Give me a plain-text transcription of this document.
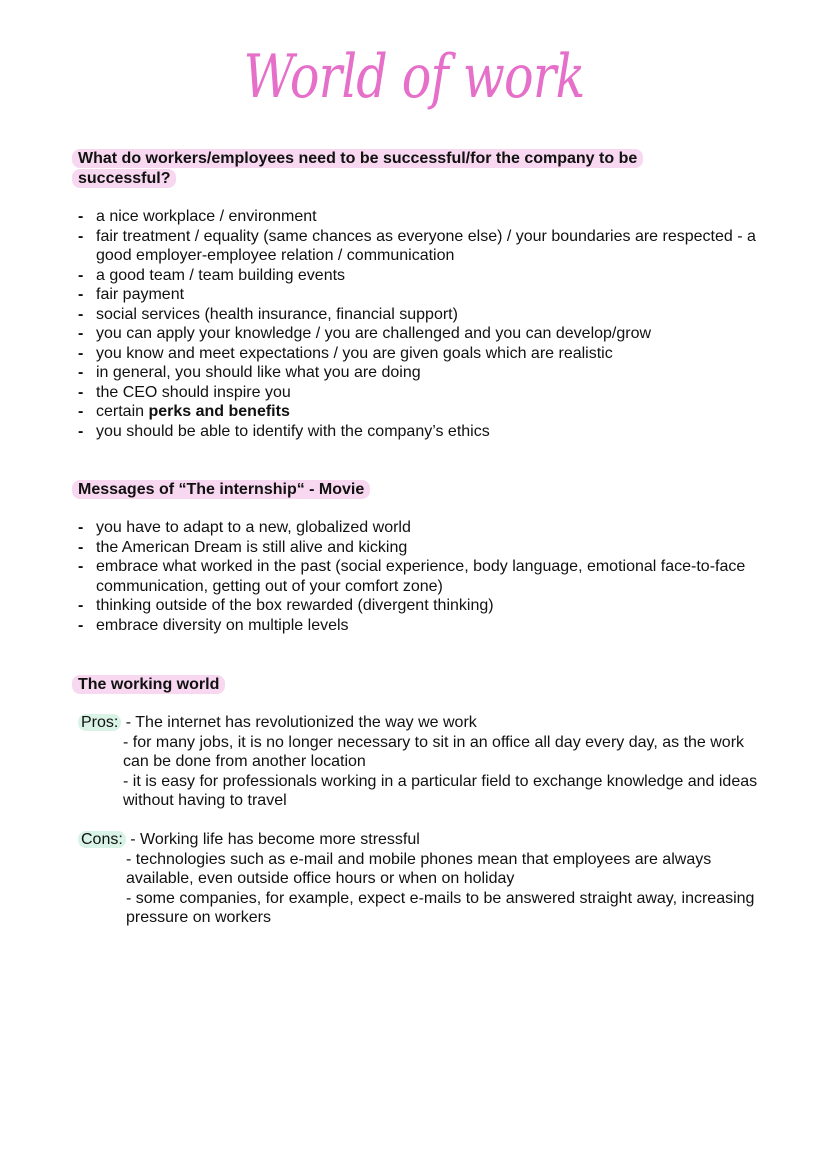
World of work
What do workers/employees need to be successful/for the company to be
successful?
- a nice workplace / environment
- fair treatment / equality (same chances as everyone else) / your boundaries are respected - a good employer-employee relation / communication
- a good team / team building events
- fair payment
- social services (health insurance, financial support)
- you can apply your knowledge / you are challenged and you can develop/grow
- you know and meet expectations / you are given goals which are realistic
- in general, you should like what you are doing
- the CEO should inspire you
- certain perks and benefits
- you should be able to identify with the company’s ethics
Messages of “The internship“ - Movie
- you have to adapt to a new, globalized world
- the American Dream is still alive and kicking
- embrace what worked in the past (social experience, body language, emotional face-to-face communication, getting out of your comfort zone)
- thinking outside of the box rewarded (divergent thinking)
- embrace diversity on multiple levels
The working world
Pros: - The internet has revolutionized the way we work
- for many jobs, it is no longer necessary to sit in an office all day every day, as the work can be done from another location
- it is easy for professionals working in a particular field to exchange knowledge and ideas without having to travel
Cons: - Working life has become more stressful
- technologies such as e-mail and mobile phones mean that employees are always available, even outside office hours or when on holiday
- some companies, for example, expect e-mails to be answered straight away, increasing pressure on workers
